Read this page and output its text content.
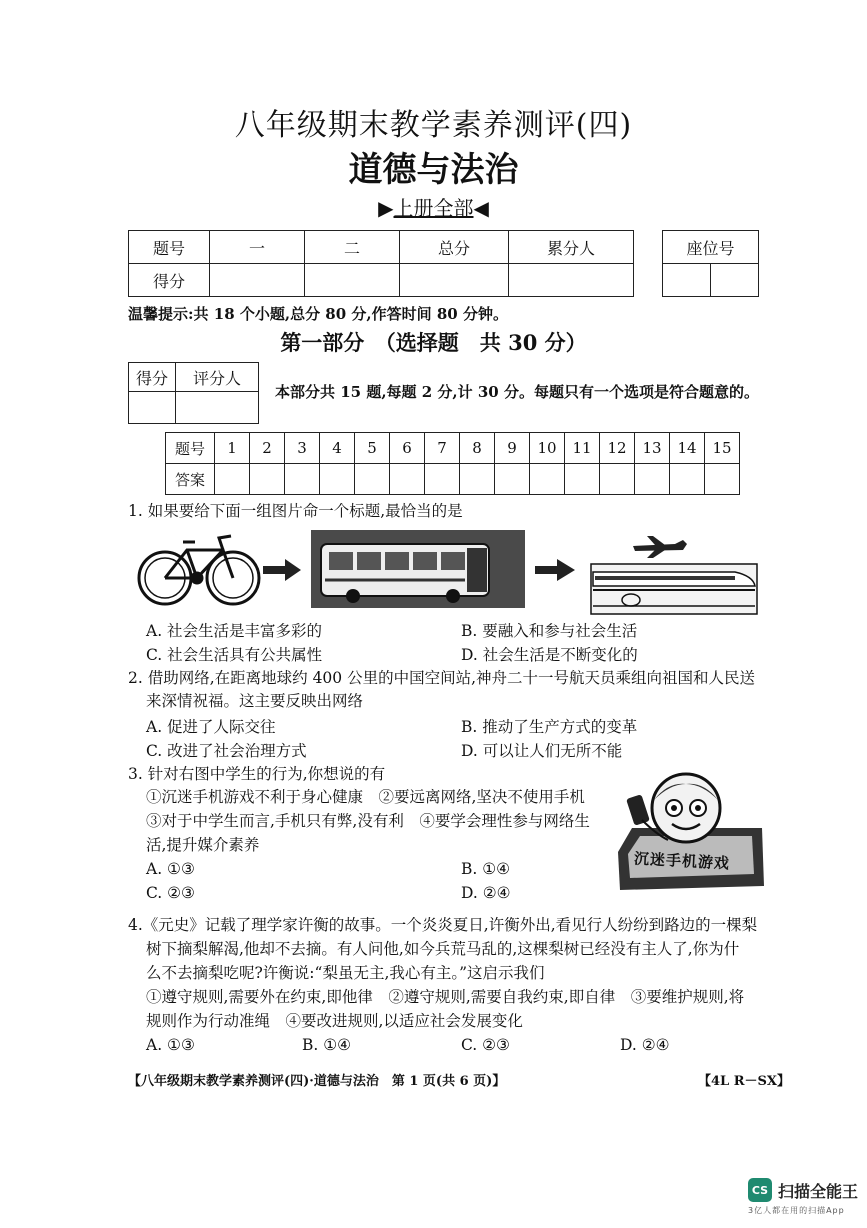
八年级期末教学素养测评(四)
道德与法治
▶上册全部◀
题号	一	二	总分	累分人
得分				
座位号

温馨提示:共 18 个小题,总分 80 分,作答时间 80 分钟。
第一部分　（选择题　共 30 分）
得分	评分人

本部分共 15 题,每题 2 分,计 30 分。每题只有一个选项是符合题意的。
题号	1	2	3	4	5	6	7	8	9	10	11	12	13	14	15
答案															
1. 如果要给下面一组图片命一个标题,最恰当的是
A. 社会生活是丰富多彩的	B. 要融入和参与社会生活
C. 社会生活具有公共属性	D. 社会生活是不断变化的
2. 借助网络,在距离地球约 400 公里的中国空间站,神舟二十一号航天员乘组向祖国和人民送
来深情祝福。这主要反映出网络
A. 促进了人际交往	B. 推动了生产方式的变革
C. 改进了社会治理方式	D. 可以让人们无所不能
3. 针对右图中学生的行为,你想说的有
①沉迷手机游戏不利于身心健康　②要远离网络,坚决不使用手机
③对于中学生而言,手机只有弊,没有利　④要学会理性参与网络生
活,提升媒介素养
A. ①③	B. ①④
C. ②③	D. ②④
沉迷手机游戏
4.《元史》记载了理学家许衡的故事。一个炎炎夏日,许衡外出,看见行人纷纷到路边的一棵梨
树下摘梨解渴,他却不去摘。有人问他,如今兵荒马乱的,这棵梨树已经没有主人了,你为什
么不去摘梨吃呢?许衡说:“梨虽无主,我心有主。”这启示我们
①遵守规则,需要外在约束,即他律　②遵守规则,需要自我约束,即自律　③要维护规则,将
规则作为行动准绳　④要改进规则,以适应社会发展变化
A. ①③	B. ①④	C. ②③	D. ②④
【八年级期末教学素养测评(四)·道德与法治　第 1 页(共 6 页)】	【4L R－SX】
CS 扫描全能王
3亿人都在用的扫描App
